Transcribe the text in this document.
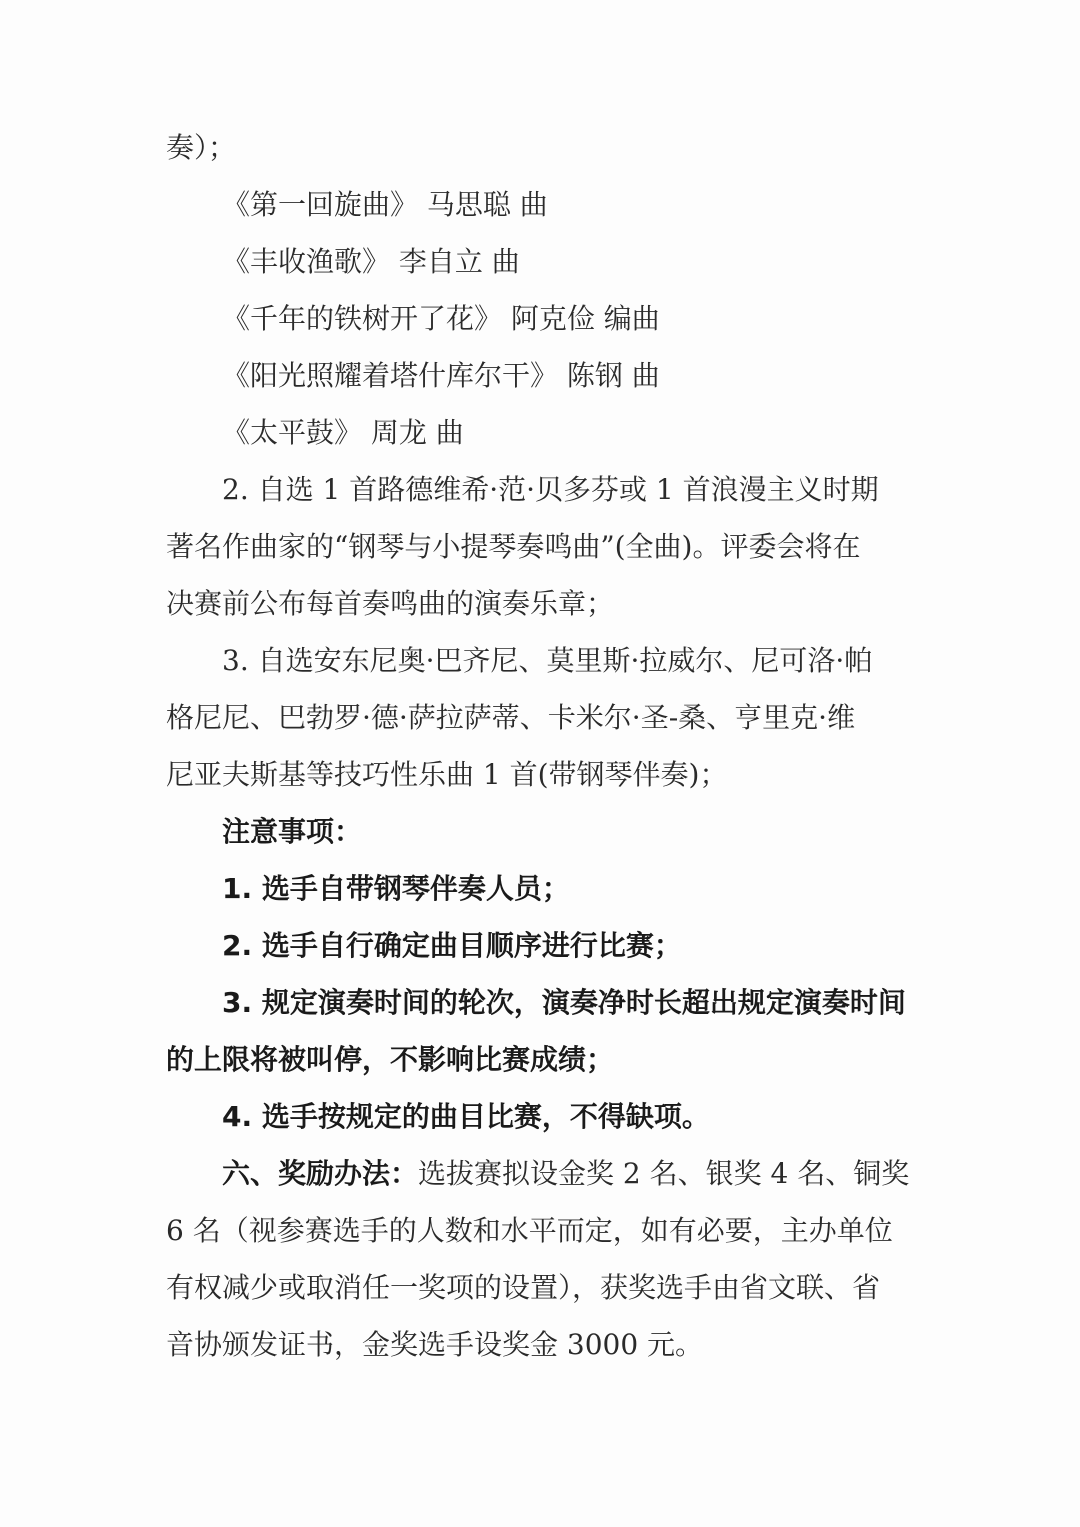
奏）；
《第一回旋曲》 马思聪 曲
《丰收渔歌》 李自立 曲
《千年的铁树开了花》 阿克俭 编曲
《阳光照耀着塔什库尔干》 陈钢 曲
《太平鼓》 周龙 曲
2. 自选 1 首路德维希·范·贝多芬或 1 首浪漫主义时期
著名作曲家的“钢琴与小提琴奏鸣曲”(全曲)。评委会将在
决赛前公布每首奏鸣曲的演奏乐章；
3. 自选安东尼奥·巴齐尼、莫里斯·拉威尔、尼可洛·帕
格尼尼、巴勃罗·德·萨拉萨蒂、卡米尔·圣-桑、亨里克·维
尼亚夫斯基等技巧性乐曲 1 首(带钢琴伴奏)；
注意事项：
1. 选手自带钢琴伴奏人员；
2. 选手自行确定曲目顺序进行比赛；
3. 规定演奏时间的轮次，演奏净时长超出规定演奏时间
的上限将被叫停，不影响比赛成绩；
4. 选手按规定的曲目比赛，不得缺项。
六、奖励办法：选拔赛拟设金奖 2 名、银奖 4 名、铜奖
6 名（视参赛选手的人数和水平而定，如有必要，主办单位
有权减少或取消任一奖项的设置），获奖选手由省文联、省
音协颁发证书，金奖选手设奖金 3000 元。
